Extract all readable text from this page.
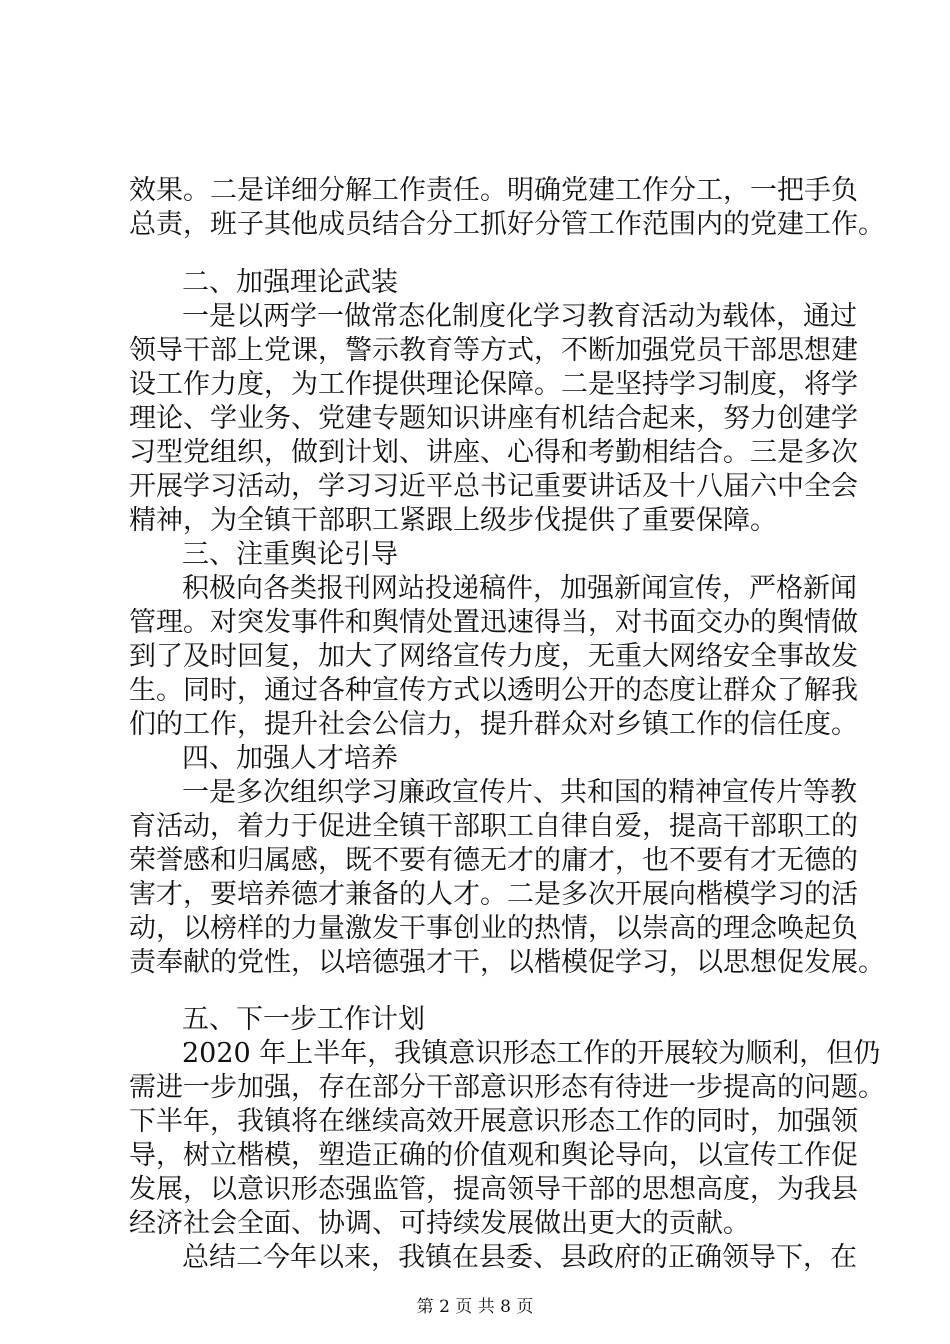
效果。二是详细分解工作责任。明确党建工作分工，一把手负
总责，班子其他成员结合分工抓好分管工作范围内的党建工作。
二、加强理论武装
一是以两学一做常态化制度化学习教育活动为载体，通过
领导干部上党课，警示教育等方式，不断加强党员干部思想建
设工作力度，为工作提供理论保障。二是坚持学习制度，将学
理论、学业务、党建专题知识讲座有机结合起来，努力创建学
习型党组织，做到计划、讲座、心得和考勤相结合。三是多次
开展学习活动，学习习近平总书记重要讲话及十八届六中全会
精神，为全镇干部职工紧跟上级步伐提供了重要保障。
三、注重舆论引导
积极向各类报刊网站投递稿件，加强新闻宣传，严格新闻
管理。对突发事件和舆情处置迅速得当，对书面交办的舆情做
到了及时回复，加大了网络宣传力度，无重大网络安全事故发
生。同时，通过各种宣传方式以透明公开的态度让群众了解我
们的工作，提升社会公信力，提升群众对乡镇工作的信任度。
四、加强人才培养
一是多次组织学习廉政宣传片、共和国的精神宣传片等教
育活动，着力于促进全镇干部职工自律自爱，提高干部职工的
荣誉感和归属感，既不要有德无才的庸才，也不要有才无德的
害才，要培养德才兼备的人才。二是多次开展向楷模学习的活
动，以榜样的力量激发干事创业的热情，以崇高的理念唤起负
责奉献的党性，以培德强才干，以楷模促学习，以思想促发展。
五、下一步工作计划
2020 年上半年，我镇意识形态工作的开展较为顺利，但仍
需进一步加强，存在部分干部意识形态有待进一步提高的问题。
下半年，我镇将在继续高效开展意识形态工作的同时，加强领
导，树立楷模，塑造正确的价值观和舆论导向，以宣传工作促
发展，以意识形态强监管，提高领导干部的思想高度，为我县
经济社会全面、协调、可持续发展做出更大的贡献。
总结二今年以来，我镇在县委、县政府的正确领导下，在
第 2 页 共 8 页
